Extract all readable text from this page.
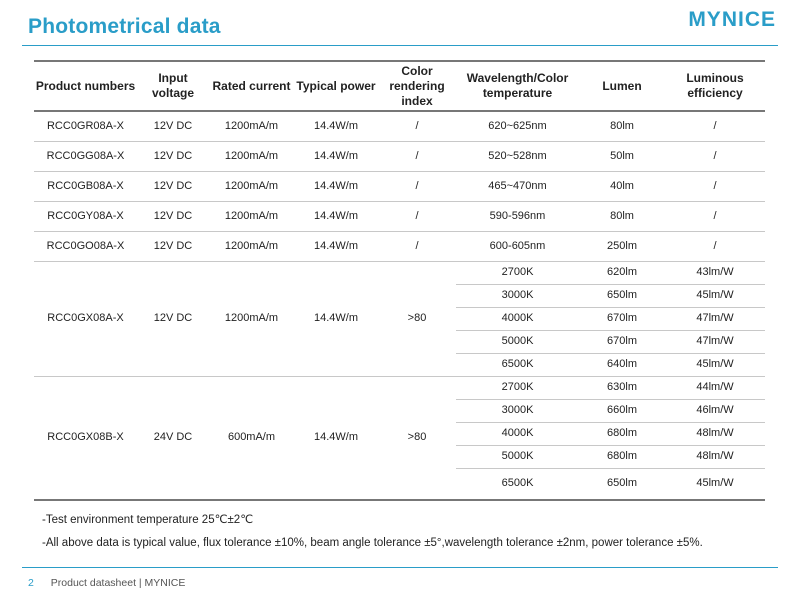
Photometrical data	MYNICE
Product numbers	Input voltage	Rated current	Typical power	Color rendering index	Wavelength/Color temperature	Lumen	Luminous efficiency
RCC0GR08A-X	12V DC	1200mA/m	14.4W/m	/	620~625nm	80lm	/
RCC0GG08A-X	12V DC	1200mA/m	14.4W/m	/	520~528nm	50lm	/
RCC0GB08A-X	12V DC	1200mA/m	14.4W/m	/	465~470nm	40lm	/
RCC0GY08A-X	12V DC	1200mA/m	14.4W/m	/	590-596nm	80lm	/
RCC0GO08A-X	12V DC	1200mA/m	14.4W/m	/	600-605nm	250lm	/
RCC0GX08A-X	12V DC	1200mA/m	14.4W/m	>80	2700K	620lm	43lm/W
					3000K	650lm	45lm/W
					4000K	670lm	47lm/W
					5000K	670lm	47lm/W
					6500K	640lm	45lm/W
RCC0GX08B-X	24V DC	600mA/m	14.4W/m	>80	2700K	630lm	44lm/W
					3000K	660lm	46lm/W
					4000K	680lm	48lm/W
					5000K	680lm	48lm/W
					6500K	650lm	45lm/W
-Test environment temperature 25℃±2℃
-All above data is typical value, flux tolerance ±10%, beam angle tolerance ±5°,wavelength tolerance ±2nm, power tolerance ±5%.
2 Product datasheet | MYNICE
